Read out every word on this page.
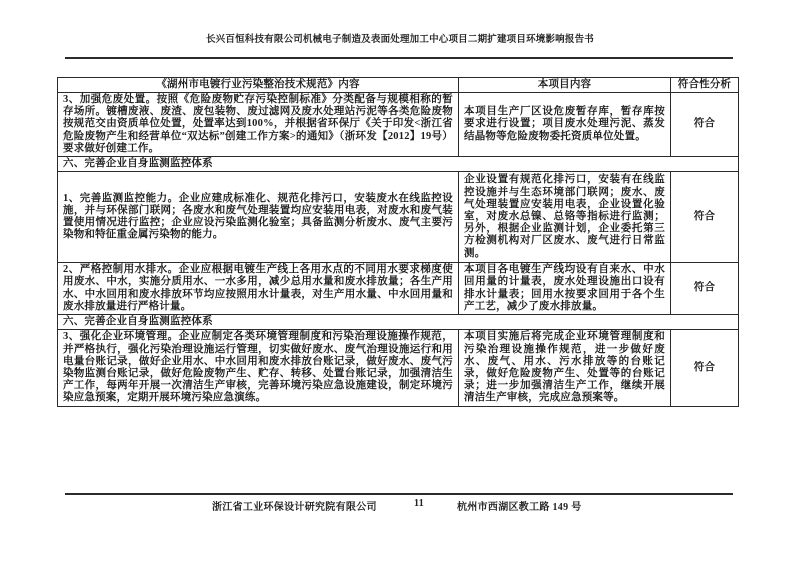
长兴百恒科技有限公司机械电子制造及表面处理加工中心项目二期扩建项目环境影响报告书
《湖州市电镀行业污染整治技术规范》内容	本项目内容	符合性分析
3、加强危废处置。按照《危险废物贮存污染控制标准》分类配备与规模相称的暂存场所。镀槽废液、废渣、废包装物、废过滤网及废水处理站污泥等各类危险废物按规范交由资质单位处置，处置率达到100%，并根据省环保厅《关于印发<浙江省危险废物产生和经营单位“双达标”创建工作方案>的通知》（浙环发【2012】19号）要求做好创建工作。	本项目生产厂区设危废暂存库，暂存库按要求进行设置；项目废水处理污泥、蒸发结晶物等危险废物委托资质单位处置。	符合
六、完善企业自身监测监控体系		
1、完善监测监控能力。企业应建成标准化、规范化排污口，安装废水在线监控设施，并与环保部门联网；各废水和废气处理装置均应安装用电表，对废水和废气装置使用情况进行监控；企业应设污染监测化验室；具备监测分析废水、废气主要污染物和特征重金属污染物的能力。	企业设置有规范化排污口，安装有在线监控设施并与生态环境部门联网；废水、废气处理装置应安装用电表，企业设置化验室，对废水总镍、总铬等指标进行监测；另外，根据企业监测计划，企业委托第三方检测机构对厂区废水、废气进行日常监测。	符合
2、严格控制用水排水。企业应根据电镀生产线上各用水点的不同用水要求梯度使用废水、中水，实施分质用水、一水多用，减少总用水量和废水排放量；各生产用水、中水回用和废水排放环节均应按照用水计量表，对生产用水量、中水回用量和废水排放量进行严格计量。	本项目各电镀生产线均设有自来水、中水回用量的计量表，废水处理设施出口设有排水计量表；回用水按要求回用于各个生产工艺，减少了废水排放量。	符合
六、完善企业自身监测监控体系		
3、强化企业环境管理。企业应制定各类环境管理制度和污染治理设施操作规范，并严格执行，强化污染治理设施运行管理，切实做好废水、废气治理设施运行和用电量台账记录，做好企业用水、中水回用和废水排放台账记录，做好废水、废气污染物监测台账记录，做好危险废物产生、贮存、转移、处置台账记录，加强清洁生产工作，每两年开展一次清洁生产审核，完善环境污染应急设施建设，制定环境污染应急预案，定期开展环境污染应急演练。	本项目实施后将完成企业环境管理制度和污染治理设施操作规范，进一步做好废水、废气、用水、污水排放等的台账记录，做好危险废物产生、处置等的台账记录；进一步加强清洁生产工作，继续开展清洁生产审核，完成应急预案等。	符合
浙江省工业环保设计研究院有限公司	11	杭州市西湖区教工路 149 号
